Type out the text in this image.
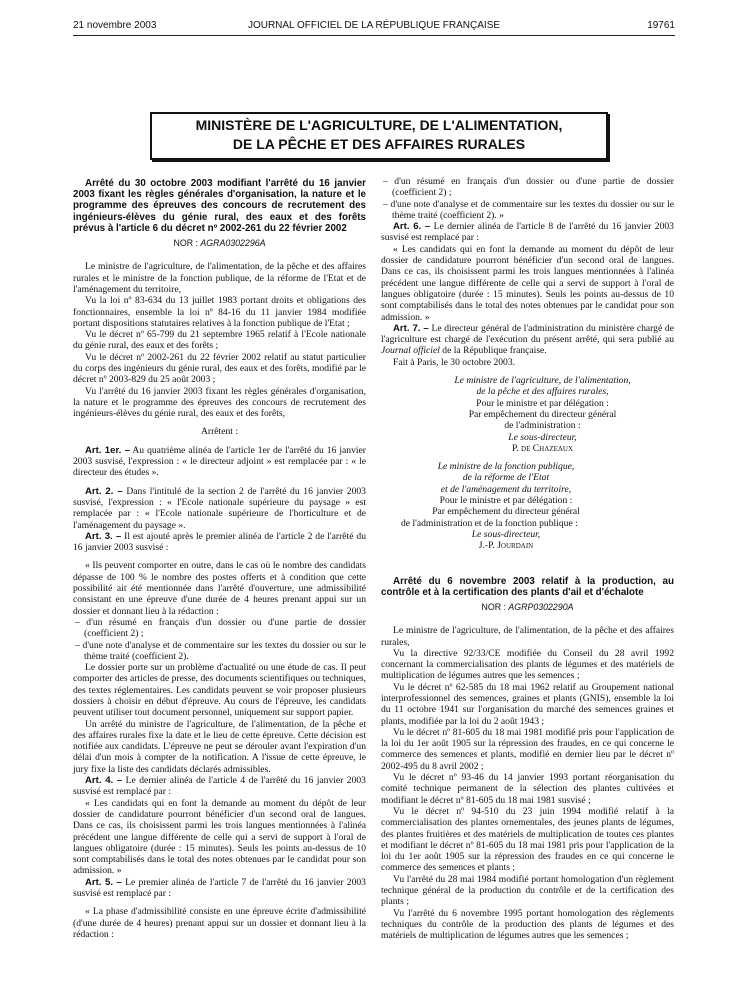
21 novembre 2003	JOURNAL OFFICIEL DE LA RÉPUBLIQUE FRANÇAISE	19761
MINISTÈRE DE L'AGRICULTURE, DE L'ALIMENTATION,
DE LA PÊCHE ET DES AFFAIRES RURALES

Arrêté du 30 octobre 2003 modifiant l'arrêté du 16 janvier 2003 fixant les règles générales d'organisation, la nature et le programme des épreuves des concours de recrutement des ingénieurs-élèves du génie rural, des eaux et des forêts prévus à l'article 6 du décret nº 2002-261 du 22 février 2002

NOR : AGRA0302296A

Le ministre de l'agriculture, de l'alimentation, de la pêche et des affaires rurales et le ministre de la fonction publique, de la réforme de l'Etat et de l'aménagement du territoire,

Vu la loi nº 83-634 du 13 juillet 1983 portant droits et obligations des fonctionnaires, ensemble la loi nº 84-16 du 11 janvier 1984 modifiée portant dispositions statutaires relatives à la fonction publique de l'Etat ;

Vu le décret nº 65-799 du 21 septembre 1965 relatif à l'Ecole nationale du génie rural, des eaux et des forêts ;

Vu le décret nº 2002-261 du 22 février 2002 relatif au statut particulier du corps des ingénieurs du génie rural, des eaux et des forêts, modifié par le décret nº 2003-829 du 25 août 2003 ;

Vu l'arrêté du 16 janvier 2003 fixant les règles générales d'organisation, la nature et le programme des épreuves des concours de recrutement des ingénieurs-élèves du génie rural, des eaux et des forêts,

Arrêtent :

Art. 1er. – Au quatrième alinéa de l'article 1er de l'arrêté du 16 janvier 2003 susvisé, l'expression : « le directeur adjoint » est remplacée par : « le directeur des études ».

Art. 2. – Dans l'intitulé de la section 2 de l'arrêté du 16 janvier 2003 susvisé, l'expression : « l'Ecole nationale supérieure du paysage » est remplacée par : « l'Ecole nationale supérieure de l'horticulture et de l'aménagement du paysage ».

Art. 3. – Il est ajouté après le premier alinéa de l'article 2 de l'arrêté du 16 janvier 2003 susvisé :

« Ils peuvent comporter en outre, dans le cas où le nombre des candidats dépasse de 100 % le nombre des postes offerts et à condition que cette possibilité ait été mentionnée dans l'arrêté d'ouverture, une admissibilité consistant en une épreuve d'une durée de 4 heures prenant appui sur un dossier et donnant lieu à la rédaction :

– d'un résumé en français d'un dossier ou d'une partie de dossier (coefficient 2) ;
– d'une note d'analyse et de commentaire sur les textes du dossier ou sur le thème traité (coefficient 2).

Le dossier porte sur un problème d'actualité ou une étude de cas. Il peut comporter des articles de presse, des documents scientifiques ou techniques, des textes réglementaires. Les candidats peuvent se voir proposer plusieurs dossiers à choisir en début d'épreuve. Au cours de l'épreuve, les candidats peuvent utiliser tout document personnel, uniquement sur support papier.

Un arrêté du ministre de l'agriculture, de l'alimentation, de la pêche et des affaires rurales fixe la date et le lieu de cette épreuve. Cette décision est notifiée aux candidats. L'épreuve ne peut se dérouler avant l'expiration d'un délai d'un mois à compter de la notification. A l'issue de cette épreuve, le jury fixe la liste des candidats déclarés admissibles.

Art. 4. – Le dernier alinéa de l'article 4 de l'arrêté du 16 janvier 2003 susvisé est remplacé par :

« Les candidats qui en font la demande au moment du dépôt de leur dossier de candidature pourront bénéficier d'un second oral de langues. Dans ce cas, ils choisissent parmi les trois langues mentionnées à l'alinéa précédent une langue différente de celle qui a servi de support à l'oral de langues obligatoire (durée : 15 minutes). Seuls les points au-dessus de 10 sont comptabilisés dans le total des notes obtenues par le candidat pour son admission. »

Art. 5. – Le premier alinéa de l'article 7 de l'arrêté du 16 janvier 2003 susvisé est remplacé par :

« La phase d'admissibilité consiste en une épreuve écrite d'admissibilité (d'une durée de 4 heures) prenant appui sur un dossier et donnant lieu à la rédaction :

– d'un résumé en français d'un dossier ou d'une partie de dossier (coefficient 2) ;
– d'une note d'analyse et de commentaire sur les textes du dossier ou sur le thème traité (coefficient 2). »

Art. 6. – Le dernier alinéa de l'article 8 de l'arrêté du 16 janvier 2003 susvisé est remplacé par :

« Les candidats qui en font la demande au moment du dépôt de leur dossier de candidature pourront bénéficier d'un second oral de langues. Dans ce cas, ils choisissent parmi les trois langues mentionnées à l'alinéa précédent une langue différente de celle qui a servi de support à l'oral de langues obligatoire (durée : 15 minutes). Seuls les points au-dessus de 10 sont comptabilisés dans le total des notes obtenues par le candidat pour son admission. »

Art. 7. – Le directeur général de l'administration du ministère chargé de l'agriculture est chargé de l'exécution du présent arrêté, qui sera publié au Journal officiel de la République française.

Fait à Paris, le 30 octobre 2003.

Le ministre de l'agriculture, de l'alimentation,
de la pêche et des affaires rurales,
Pour le ministre et par délégation :
Par empêchement du directeur général
de l'administration :
Le sous-directeur,
P. de Chazeaux
Le ministre de la fonction publique,
de la réforme de l'Etat
et de l'aménagement du territoire,
Pour le ministre et par délégation :
Par empêchement du directeur général
de l'administration et de la fonction publique :
Le sous-directeur,
J.-P. Jourdain

Arrêté du 6 novembre 2003 relatif à la production, au contrôle et à la certification des plants d'ail et d'échalote

NOR : AGRP0302290A

Le ministre de l'agriculture, de l'alimentation, de la pêche et des affaires rurales,

Vu la directive 92/33/CE modifiée du Conseil du 28 avril 1992 concernant la commercialisation des plants de légumes et des matériels de multiplication de légumes autres que les semences ;

Vu le décret nº 62-585 du 18 mai 1962 relatif au Groupement national interprofessionnel des semences, graines et plants (GNIS), ensemble la loi du 11 octobre 1941 sur l'organisation du marché des semences graines et plants, modifiée par la loi du 2 août 1943 ;

Vu le décret nº 81-605 du 18 mai 1981 modifié pris pour l'application de la loi du 1er août 1905 sur la répression des fraudes, en ce qui concerne le commerce des semences et plants, modifié en dernier lieu par le décret nº 2002-495 du 8 avril 2002 ;

Vu le décret nº 93-46 du 14 janvier 1993 portant réorganisation du comité technique permanent de la sélection des plantes cultivées et modifiant le décret nº 81-605 du 18 mai 1981 susvisé ;

Vu le décret nº 94-510 du 23 juin 1994 modifié relatif à la commercialisation des plantes ornementales, des jeunes plants de légumes, des plantes fruitières et des matériels de multiplication de toutes ces plantes et modifiant le décret nº 81-605 du 18 mai 1981 pris pour l'application de la loi du 1er août 1905 sur la répression des fraudes en ce qui concerne le commerce des semences et plants ;

Vu l'arrêté du 28 mai 1984 modifié portant homologation d'un règlement technique général de la production du contrôle et de la certification des plants ;

Vu l'arrêté du 6 novembre 1995 portant homologation des règlements techniques du contrôle de la production des plants de légumes et des matériels de multiplication de légumes autres que les semences ;
